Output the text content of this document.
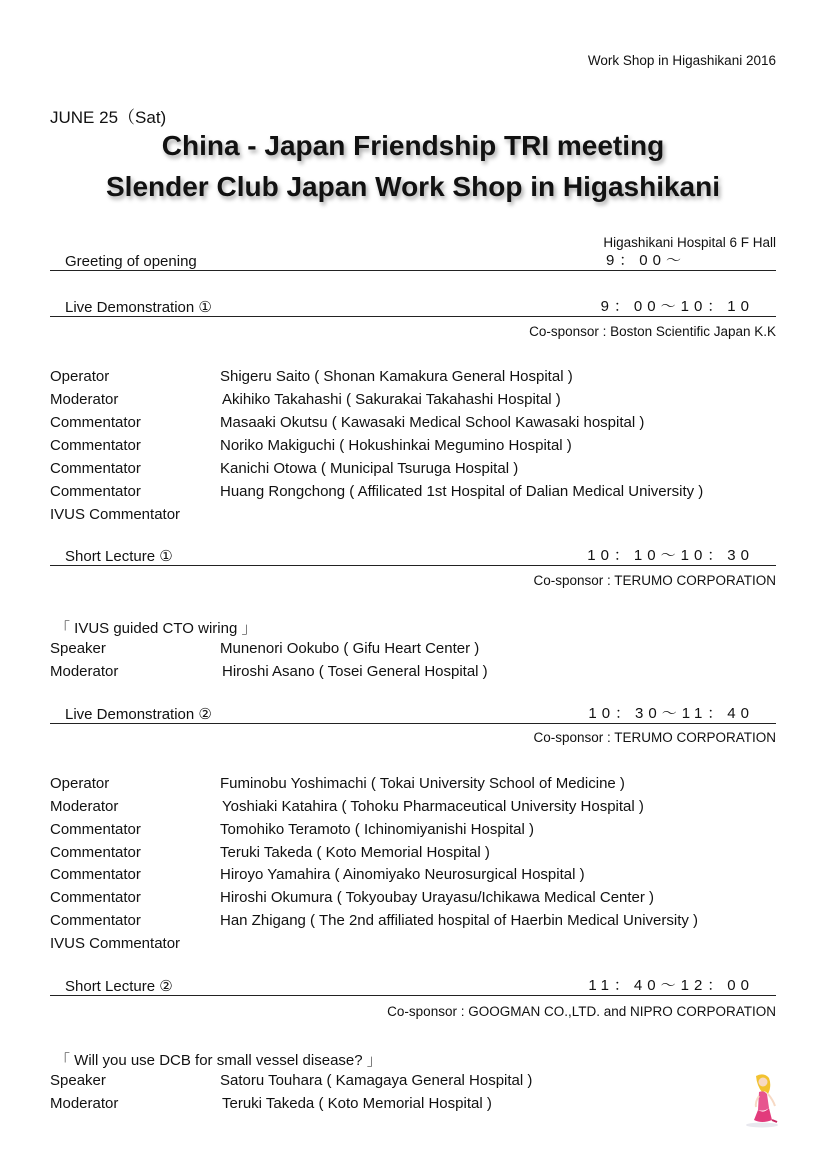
Work Shop in Higashikani 2016
JUNE 25（Sat)
China - Japan Friendship TRI meeting
Slender Club Japan Work Shop in Higashikani
Higashikani Hospital 6 F Hall
Greeting of opening	9：00～
Live Demonstration ①	9：00～10：10
Co-sponsor : Boston Scientific Japan K.K
Operator	Shigeru Saito ( Shonan Kamakura General Hospital )
Moderator	Akihiko Takahashi ( Sakurakai Takahashi Hospital )
Commentator	Masaaki Okutsu ( Kawasaki Medical School Kawasaki hospital )
Commentator	Noriko Makiguchi ( Hokushinkai Megumino Hospital )
Commentator	Kanichi Otowa ( Municipal Tsuruga Hospital )
Commentator	Huang Rongchong ( Affilicated 1st Hospital of Dalian Medical University )
IVUS Commentator
Short Lecture ①	10：10～10：30
Co-sponsor : TERUMO CORPORATION
「 IVUS guided CTO wiring 」
Speaker	Munenori Ookubo ( Gifu Heart Center )
Moderator	Hiroshi Asano ( Tosei General Hospital )
Live Demonstration ②	10：30～11：40
Co-sponsor : TERUMO CORPORATION
Operator	Fuminobu Yoshimachi ( Tokai University School of Medicine )
Moderator	Yoshiaki Katahira ( Tohoku Pharmaceutical University Hospital )
Commentator	Tomohiko Teramoto ( Ichinomiyanishi Hospital )
Commentator	Teruki Takeda ( Koto Memorial Hospital )
Commentator	Hiroyo Yamahira ( Ainomiyako Neurosurgical Hospital )
Commentator	Hiroshi Okumura ( Tokyoubay Urayasu/Ichikawa Medical Center )
Commentator	Han Zhigang ( The 2nd affiliated hospital of Haerbin Medical University )
IVUS Commentator
Short Lecture ②	11：40～12：00
Co-sponsor : GOOGMAN CO.,LTD. and NIPRO CORPORATION
「 Will you use DCB for small vessel disease? 」
Speaker	Satoru Touhara ( Kamagaya General Hospital )
Moderator	Teruki Takeda ( Koto Memorial Hospital )
